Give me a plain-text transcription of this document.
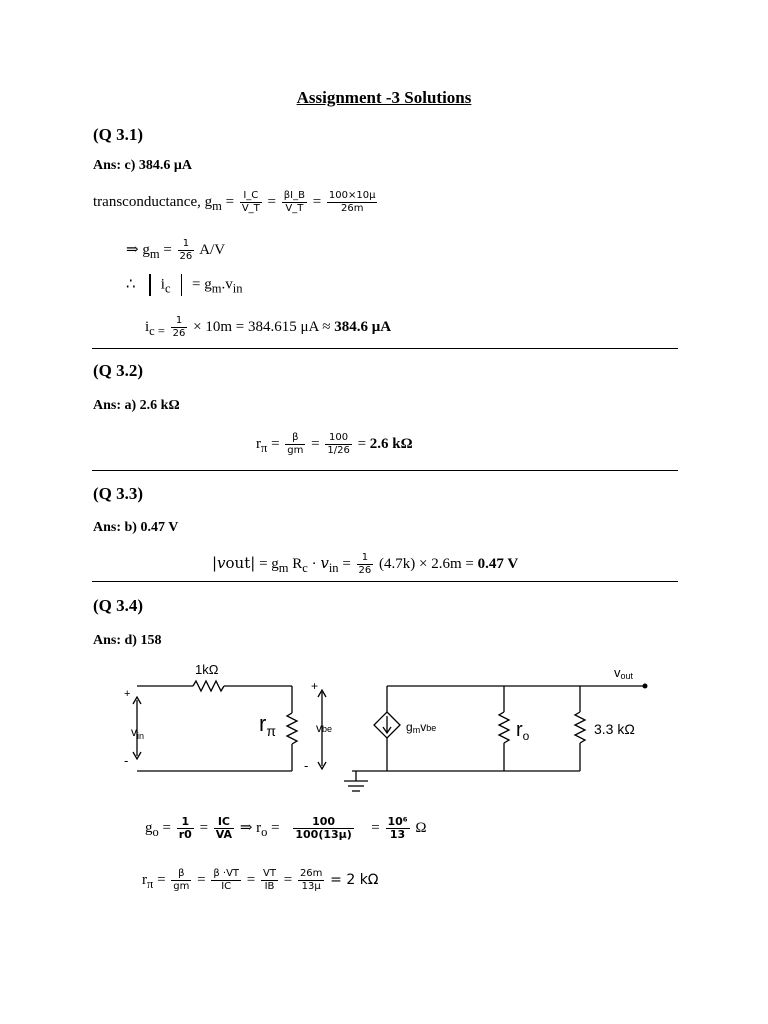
Assignment -3 Solutions
(Q 3.1)
Ans: c) 384.6 μA
transconductance, $g_m = \frac{I\_C}{V\_T} = \frac{\beta I\_B}{V\_T} = \frac{100\times 10\mu}{26m}$
⇒ $g_m = \frac{1}{26} A/V$
∴ $i_c = g_m.v_{in}$
$i_{c =} \frac{1}{26} \times 10m = 384.615$ μA ≈ 384.6 μA
(Q 3.2)
Ans: a) 2.6 kΩ
$r_\pi = \frac{\beta}{gm} = \frac{100}{1/26} = 2.6$ kΩ
(Q 3.3)
Ans: b) 0.47 V
|𝑣out| = $g_m$ $R_c$ · 𝑣$_{in}$ = $\frac{1}{26} (4.7k) \times 2.6m = 0.47$ V
(Q 3.4)
Ans: d) 158
1kΩ
+
-
$v_{in}$	$r_\pi$
+
-
vbe	gmvbe	$r_o$	3.3 kΩ
vout
$g_o = \frac{1}{r0} = \frac{IC}{VA}$ ⇒ $r_o = \frac{100}{100(13\mu)} = \frac{\text{10⁶}}{13}$ Ω
$r_\pi = \frac{\beta}{gm} = \frac{\beta \cdot VT}{IC} = \frac{VT}{IB} = \frac{26m}{13\mu} = 2$ kΩ
